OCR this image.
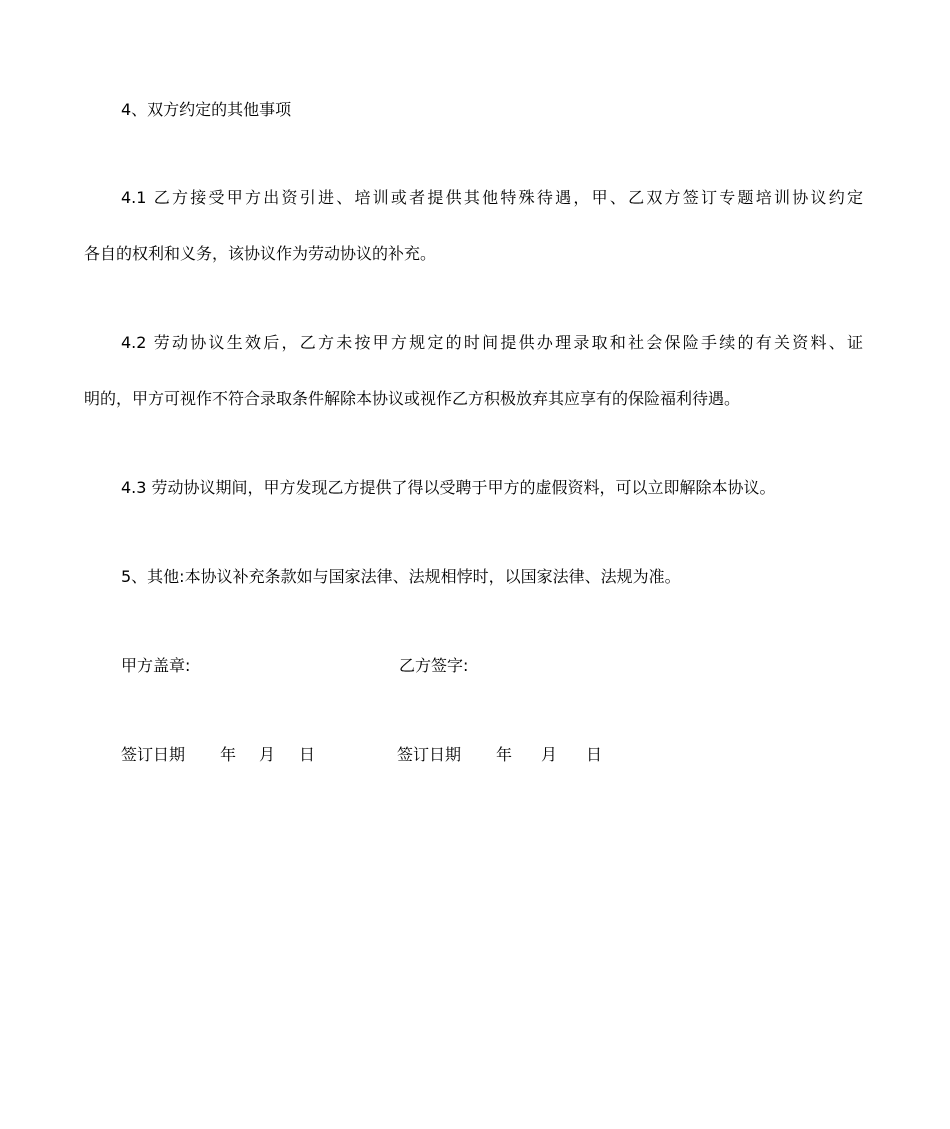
4、双方约定的其他事项
4.1 乙方接受甲方出资引进、培训或者提供其他特殊待遇，甲、乙双方签订专题培训协议约定
各自的权利和义务，该协议作为劳动协议的补充。
4.2 劳动协议生效后，乙方未按甲方规定的时间提供办理录取和社会保险手续的有关资料、证
明的，甲方可视作不符合录取条件解除本协议或视作乙方积极放弃其应享有的保险福利待遇。
4.3 劳动协议期间，甲方发现乙方提供了得以受聘于甲方的虚假资料，可以立即解除本协议。
5、其他:本协议补充条款如与国家法律、法规相悖时，以国家法律、法规为准。
甲方盖章:	乙方签字:
签订日期 年 月 日	签订日期 年 月 日
